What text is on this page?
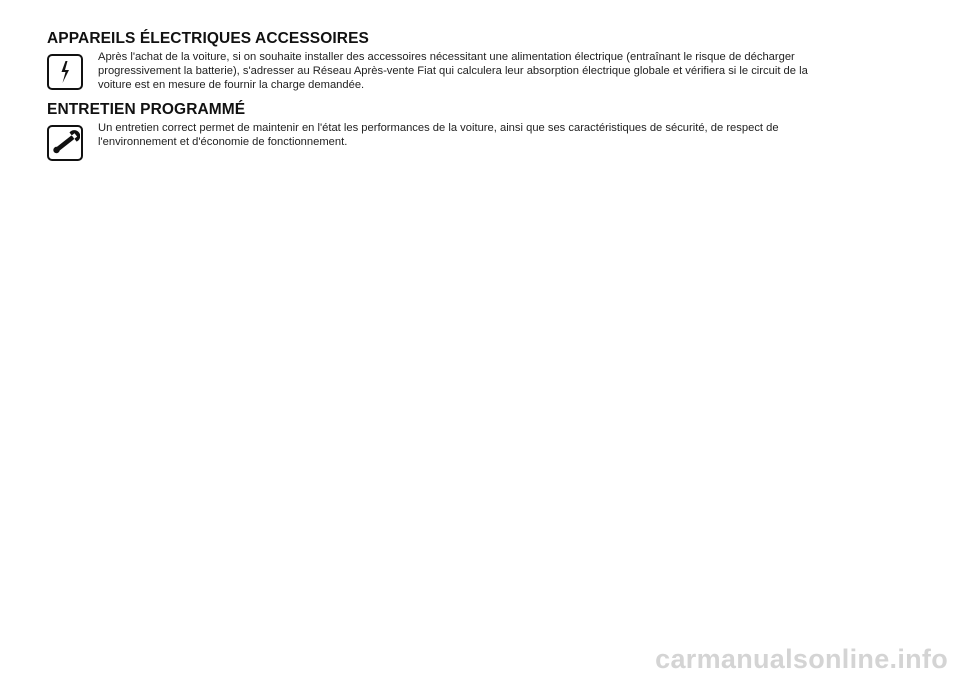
APPAREILS ÉLECTRIQUES ACCESSOIRES

Après l'achat de la voiture, si on souhaite installer des accessoires nécessitant une alimentation électrique (entraînant le risque de décharger progressivement la batterie), s'adresser au Réseau Après-vente Fiat qui calculera leur absorption électrique globale et vérifiera si le circuit de la voiture est en mesure de fournir la charge demandée.

ENTRETIEN PROGRAMMÉ

Un entretien correct permet de maintenir en l'état les performances de la voiture, ainsi que ses caractéristiques de sécurité, de respect de l'environnement et d'économie de fonctionnement.

carmanualsonline.info
